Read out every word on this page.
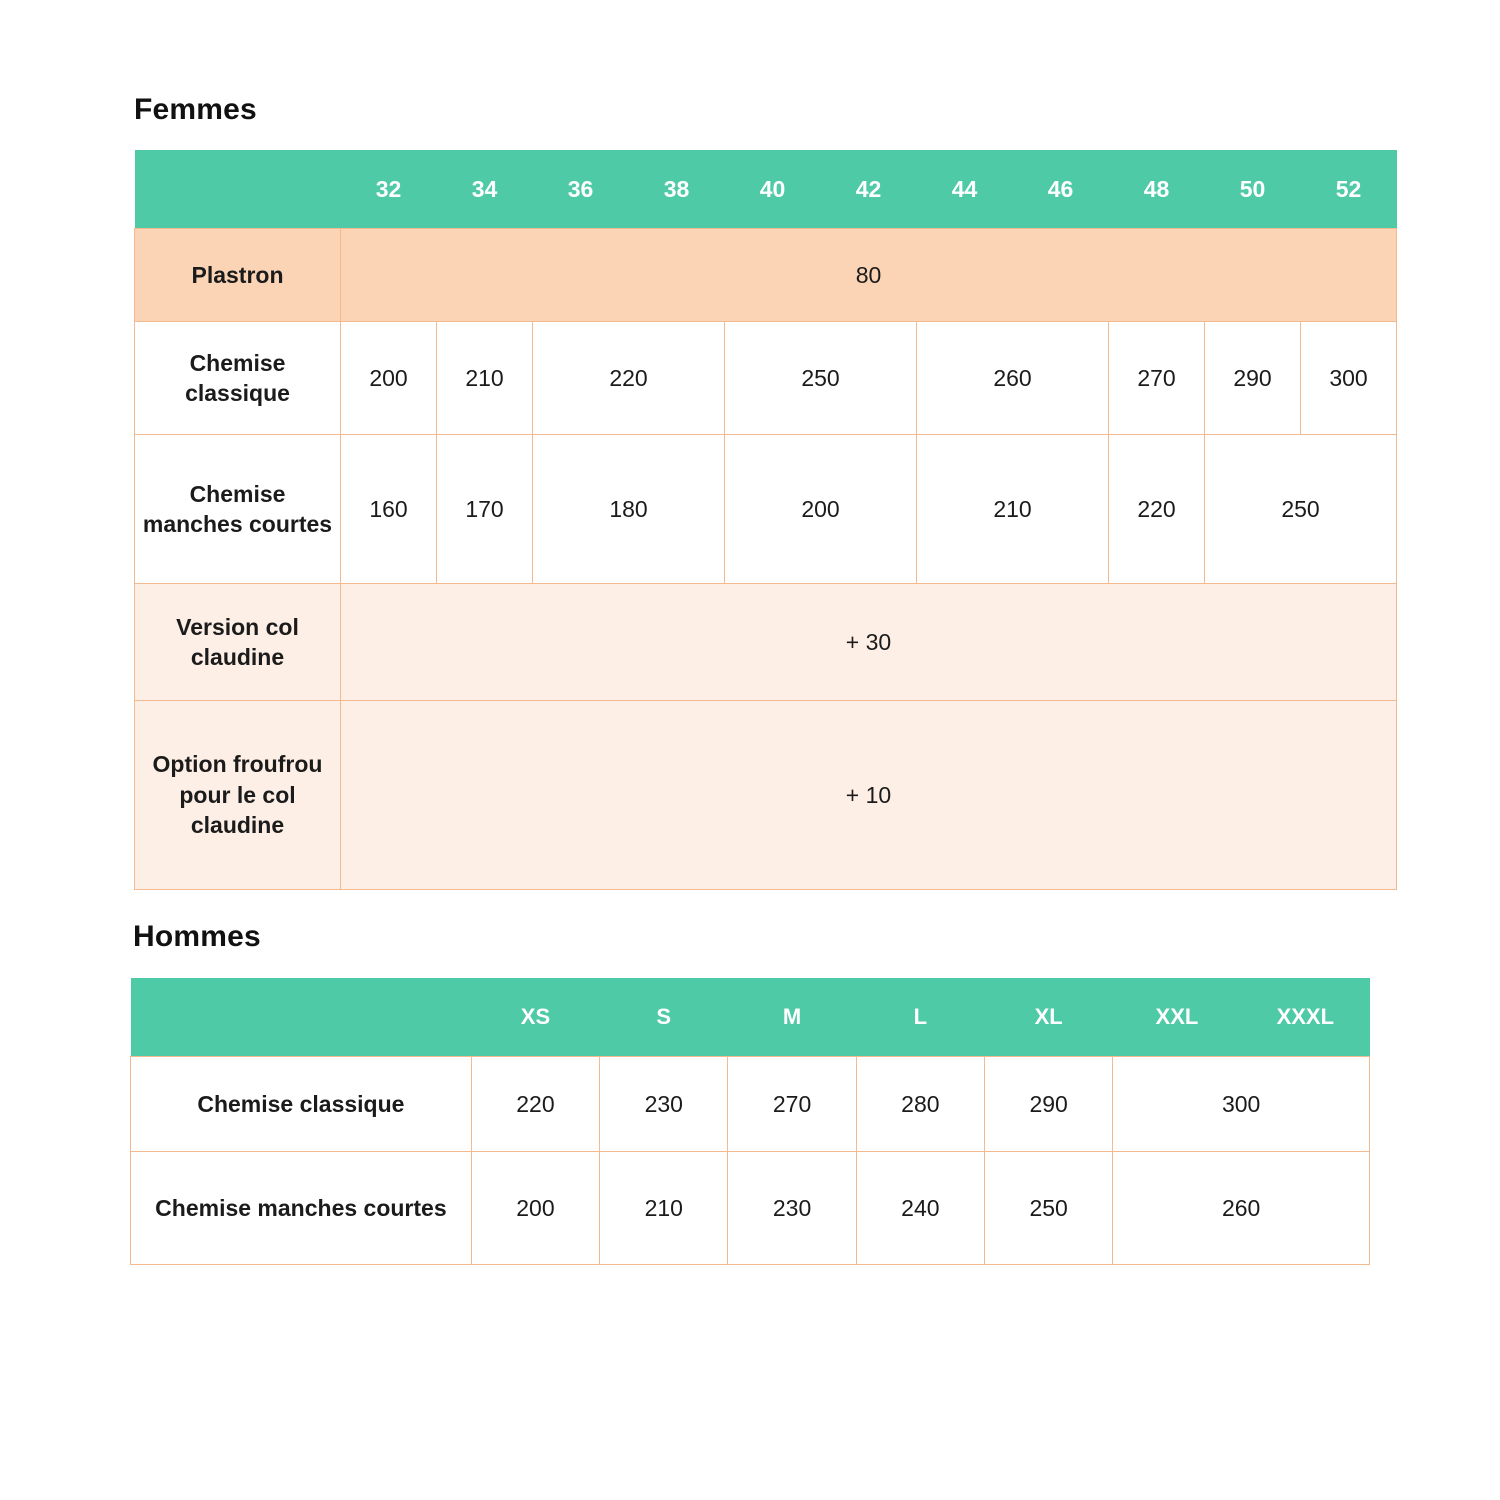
Femmes
	32	34	36	38	40	42	44	46	48	50	52
Plastron	80										
Chemise classique	200	210	220		250		260		270	290	300
Chemise manches courtes	160	170	180		200		210		220	250	
Version col claudine	+ 30										
Option froufrou pour le col claudine	+ 10										
Hommes
	XS	S	M	L	XL	XXL	XXXL
Chemise classique	220	230	270	280	290	300	
Chemise manches courtes	200	210	230	240	250	260	
